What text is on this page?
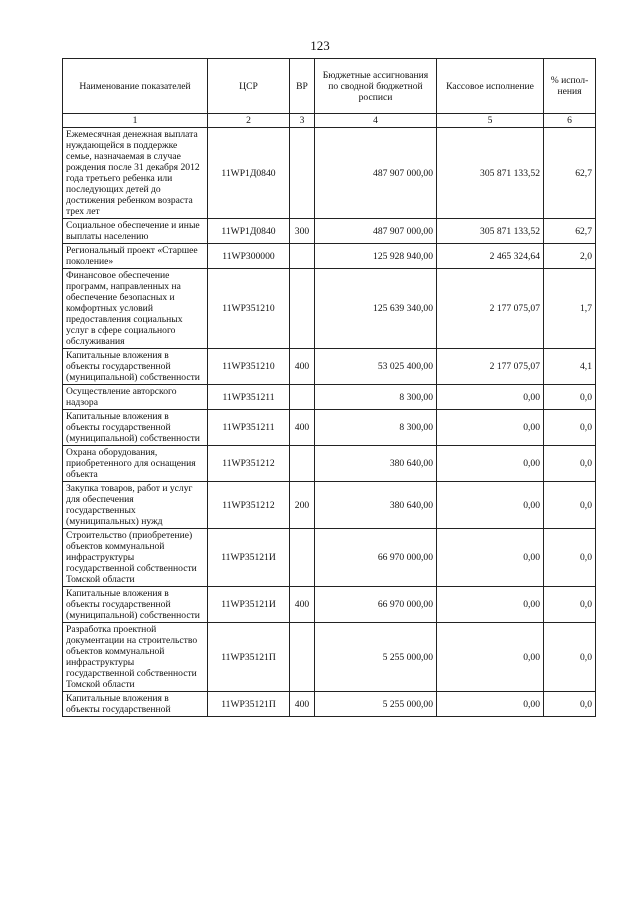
123
Наименование показателей	ЦСР	ВР	Бюджетные ассигнования по сводной бюджетной росписи	Кассовое исполнение	% испол-нения
1	2	3	4	5	6
Ежемесячная денежная выплата нуждающейся в поддержке семье, назначаемая в случае рождения после 31 декабря 2012 года третьего ребенка или последующих детей до достижения ребенком возраста трех лет	11WP1Д0840		487 907 000,00	305 871 133,52	62,7
Социальное обеспечение и иные выплаты населению	11WP1Д0840	300	487 907 000,00	305 871 133,52	62,7
Региональный проект «Старшее поколение»	11WP300000		125 928 940,00	2 465 324,64	2,0
Финансовое обеспечение программ, направленных на обеспечение безопасных и комфортных условий предоставления социальных услуг в сфере социального обслуживания	11WP351210		125 639 340,00	2 177 075,07	1,7
Капитальные вложения в объекты государственной (муниципальной) собственности	11WP351210	400	53 025 400,00	2 177 075,07	4,1
Осуществление авторского надзора	11WP351211		8 300,00	0,00	0,0
Капитальные вложения в объекты государственной (муниципальной) собственности	11WP351211	400	8 300,00	0,00	0,0
Охрана оборудования, приобретенного для оснащения объекта	11WP351212		380 640,00	0,00	0,0
Закупка товаров, работ и услуг для обеспечения государственных (муниципальных) нужд	11WP351212	200	380 640,00	0,00	0,0
Строительство (приобретение) объектов коммунальной инфраструктуры государственной собственности Томской области	11WP35121И		66 970 000,00	0,00	0,0
Капитальные вложения в объекты государственной (муниципальной) собственности	11WP35121И	400	66 970 000,00	0,00	0,0
Разработка проектной документации на строительство объектов коммунальной инфраструктуры государственной собственности Томской области	11WP35121П		5 255 000,00	0,00	0,0
Капитальные вложения в объекты государственной	11WP35121П	400	5 255 000,00	0,00	0,0
